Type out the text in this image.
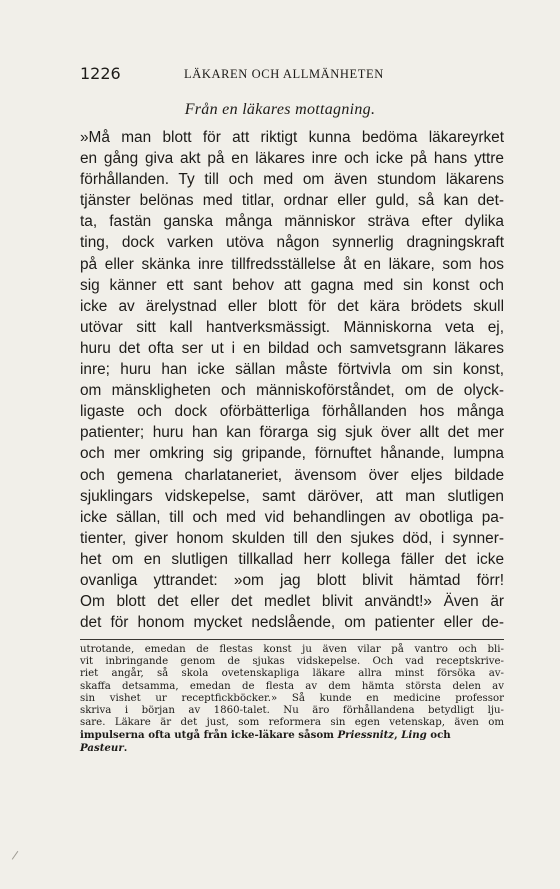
1226	LÄKAREN OCH ALLMÄNHETEN
Från en läkares mottagning.
»Må man blott för att riktigt kunna bedöma läkareyrket
en gång giva akt på en läkares inre och icke på hans yttre
förhållanden. Ty till och med om även stundom läkarens
tjänster belönas med titlar, ordnar eller guld, så kan det-
ta, fastän ganska många människor sträva efter dylika
ting, dock varken utöva någon synnerlig dragningskraft
på eller skänka inre tillfredsställelse åt en läkare, som hos
sig känner ett sant behov att gagna med sin konst och
icke av ärelystnad eller blott för det kära brödets skull
utövar sitt kall hantverksmässigt. Människorna veta ej,
huru det ofta ser ut i en bildad och samvetsgrann läkares
inre; huru han icke sällan måste förtvivla om sin konst,
om mänskligheten och människoförståndet, om de olyck-
ligaste och dock oförbätterliga förhållanden hos många
patienter; huru han kan förarga sig sjuk över allt det mer
och mer omkring sig gripande, förnuftet hånande, lumpna
och gemena charlataneriet, ävensom över eljes bildade
sjuklingars vidskepelse, samt däröver, att man slutligen
icke sällan, till och med vid behandlingen av obotliga pa-
tienter, giver honom skulden till den sjukes död, i synner-
het om en slutligen tillkallad herr kollega fäller det icke
ovanliga yttrandet: »om jag blott blivit hämtad förr!
Om blott det eller det medlet blivit användt!» Även är
det för honom mycket nedslående, om patienter eller de-
utrotande, emedan de flestas konst ju även vilar på vantro och bli-
vit inbringande genom de sjukas vidskepelse. Och vad receptskrive-
riet angår, så skola ovetenskapliga läkare allra minst försöka av-
skaffa detsamma, emedan de flesta av dem hämta största delen av
sin vishet ur receptfickböcker.» Så kunde en medicine professor
skriva i början av 1860-talet. Nu äro förhållandena betydligt lju-
sare. Läkare är det just, som reformera sin egen vetenskap, även om
impulserna ofta utgå från icke-läkare såsom Priessnitz, Ling och
Pasteur.
